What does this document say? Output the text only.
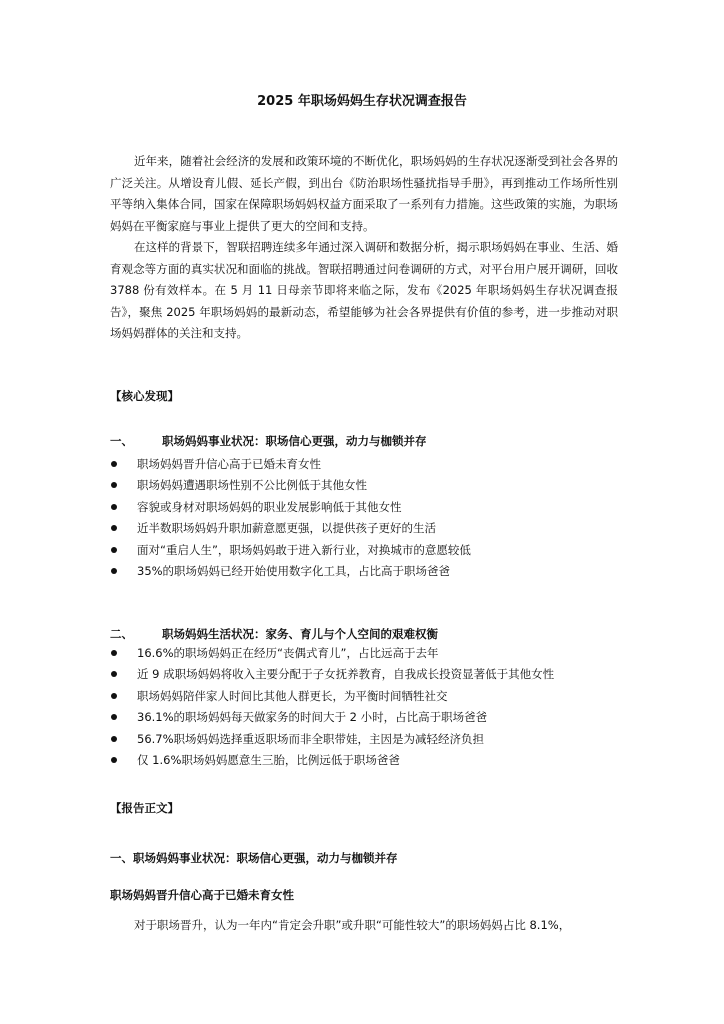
2025 年职场妈妈生存状况调查报告

近年来，随着社会经济的发展和政策环境的不断优化，职场妈妈的生存状况逐渐受到社会各界的广泛关注。从增设育儿假、延长产假，到出台《防治职场性骚扰指导手册》，再到推动工作场所性别平等纳入集体合同，国家在保障职场妈妈权益方面采取了一系列有力措施。这些政策的实施，为职场妈妈在平衡家庭与事业上提供了更大的空间和支持。

在这样的背景下，智联招聘连续多年通过深入调研和数据分析，揭示职场妈妈在事业、生活、婚育观念等方面的真实状况和面临的挑战。智联招聘通过问卷调研的方式，对平台用户展开调研，回收 3788 份有效样本。在 5 月 11 日母亲节即将来临之际，发布《2025 年职场妈妈生存状况调查报告》，聚焦 2025 年职场妈妈的最新动态，希望能够为社会各界提供有价值的参考，进一步推动对职场妈妈群体的关注和支持。

【核心发现】

一、	职场妈妈事业状况：职场信心更强，动力与枷锁并存
职场妈妈晋升信心高于已婚未育女性
职场妈妈遭遇职场性别不公比例低于其他女性
容貌或身材对职场妈妈的职业发展影响低于其他女性
近半数职场妈妈升职加薪意愿更强，以提供孩子更好的生活
面对“重启人生”，职场妈妈敢于进入新行业，对换城市的意愿较低
35%的职场妈妈已经开始使用数字化工具，占比高于职场爸爸
二、	职场妈妈生活状况：家务、育儿与个人空间的艰难权衡
16.6%的职场妈妈正在经历“丧偶式育儿”，占比远高于去年
近 9 成职场妈妈将收入主要分配于子女抚养教育，自我成长投资显著低于其他女性
职场妈妈陪伴家人时间比其他人群更长，为平衡时间牺牲社交
36.1%的职场妈妈每天做家务的时间大于 2 小时，占比高于职场爸爸
56.7%职场妈妈选择重返职场而非全职带娃，主因是为减轻经济负担
仅 1.6%职场妈妈愿意生三胎，比例远低于职场爸爸

【报告正文】

一、职场妈妈事业状况：职场信心更强，动力与枷锁并存

职场妈妈晋升信心高于已婚未育女性

对于职场晋升，认为一年内“肯定会升职”或升职“可能性较大”的职场妈妈占比 8.1%，
